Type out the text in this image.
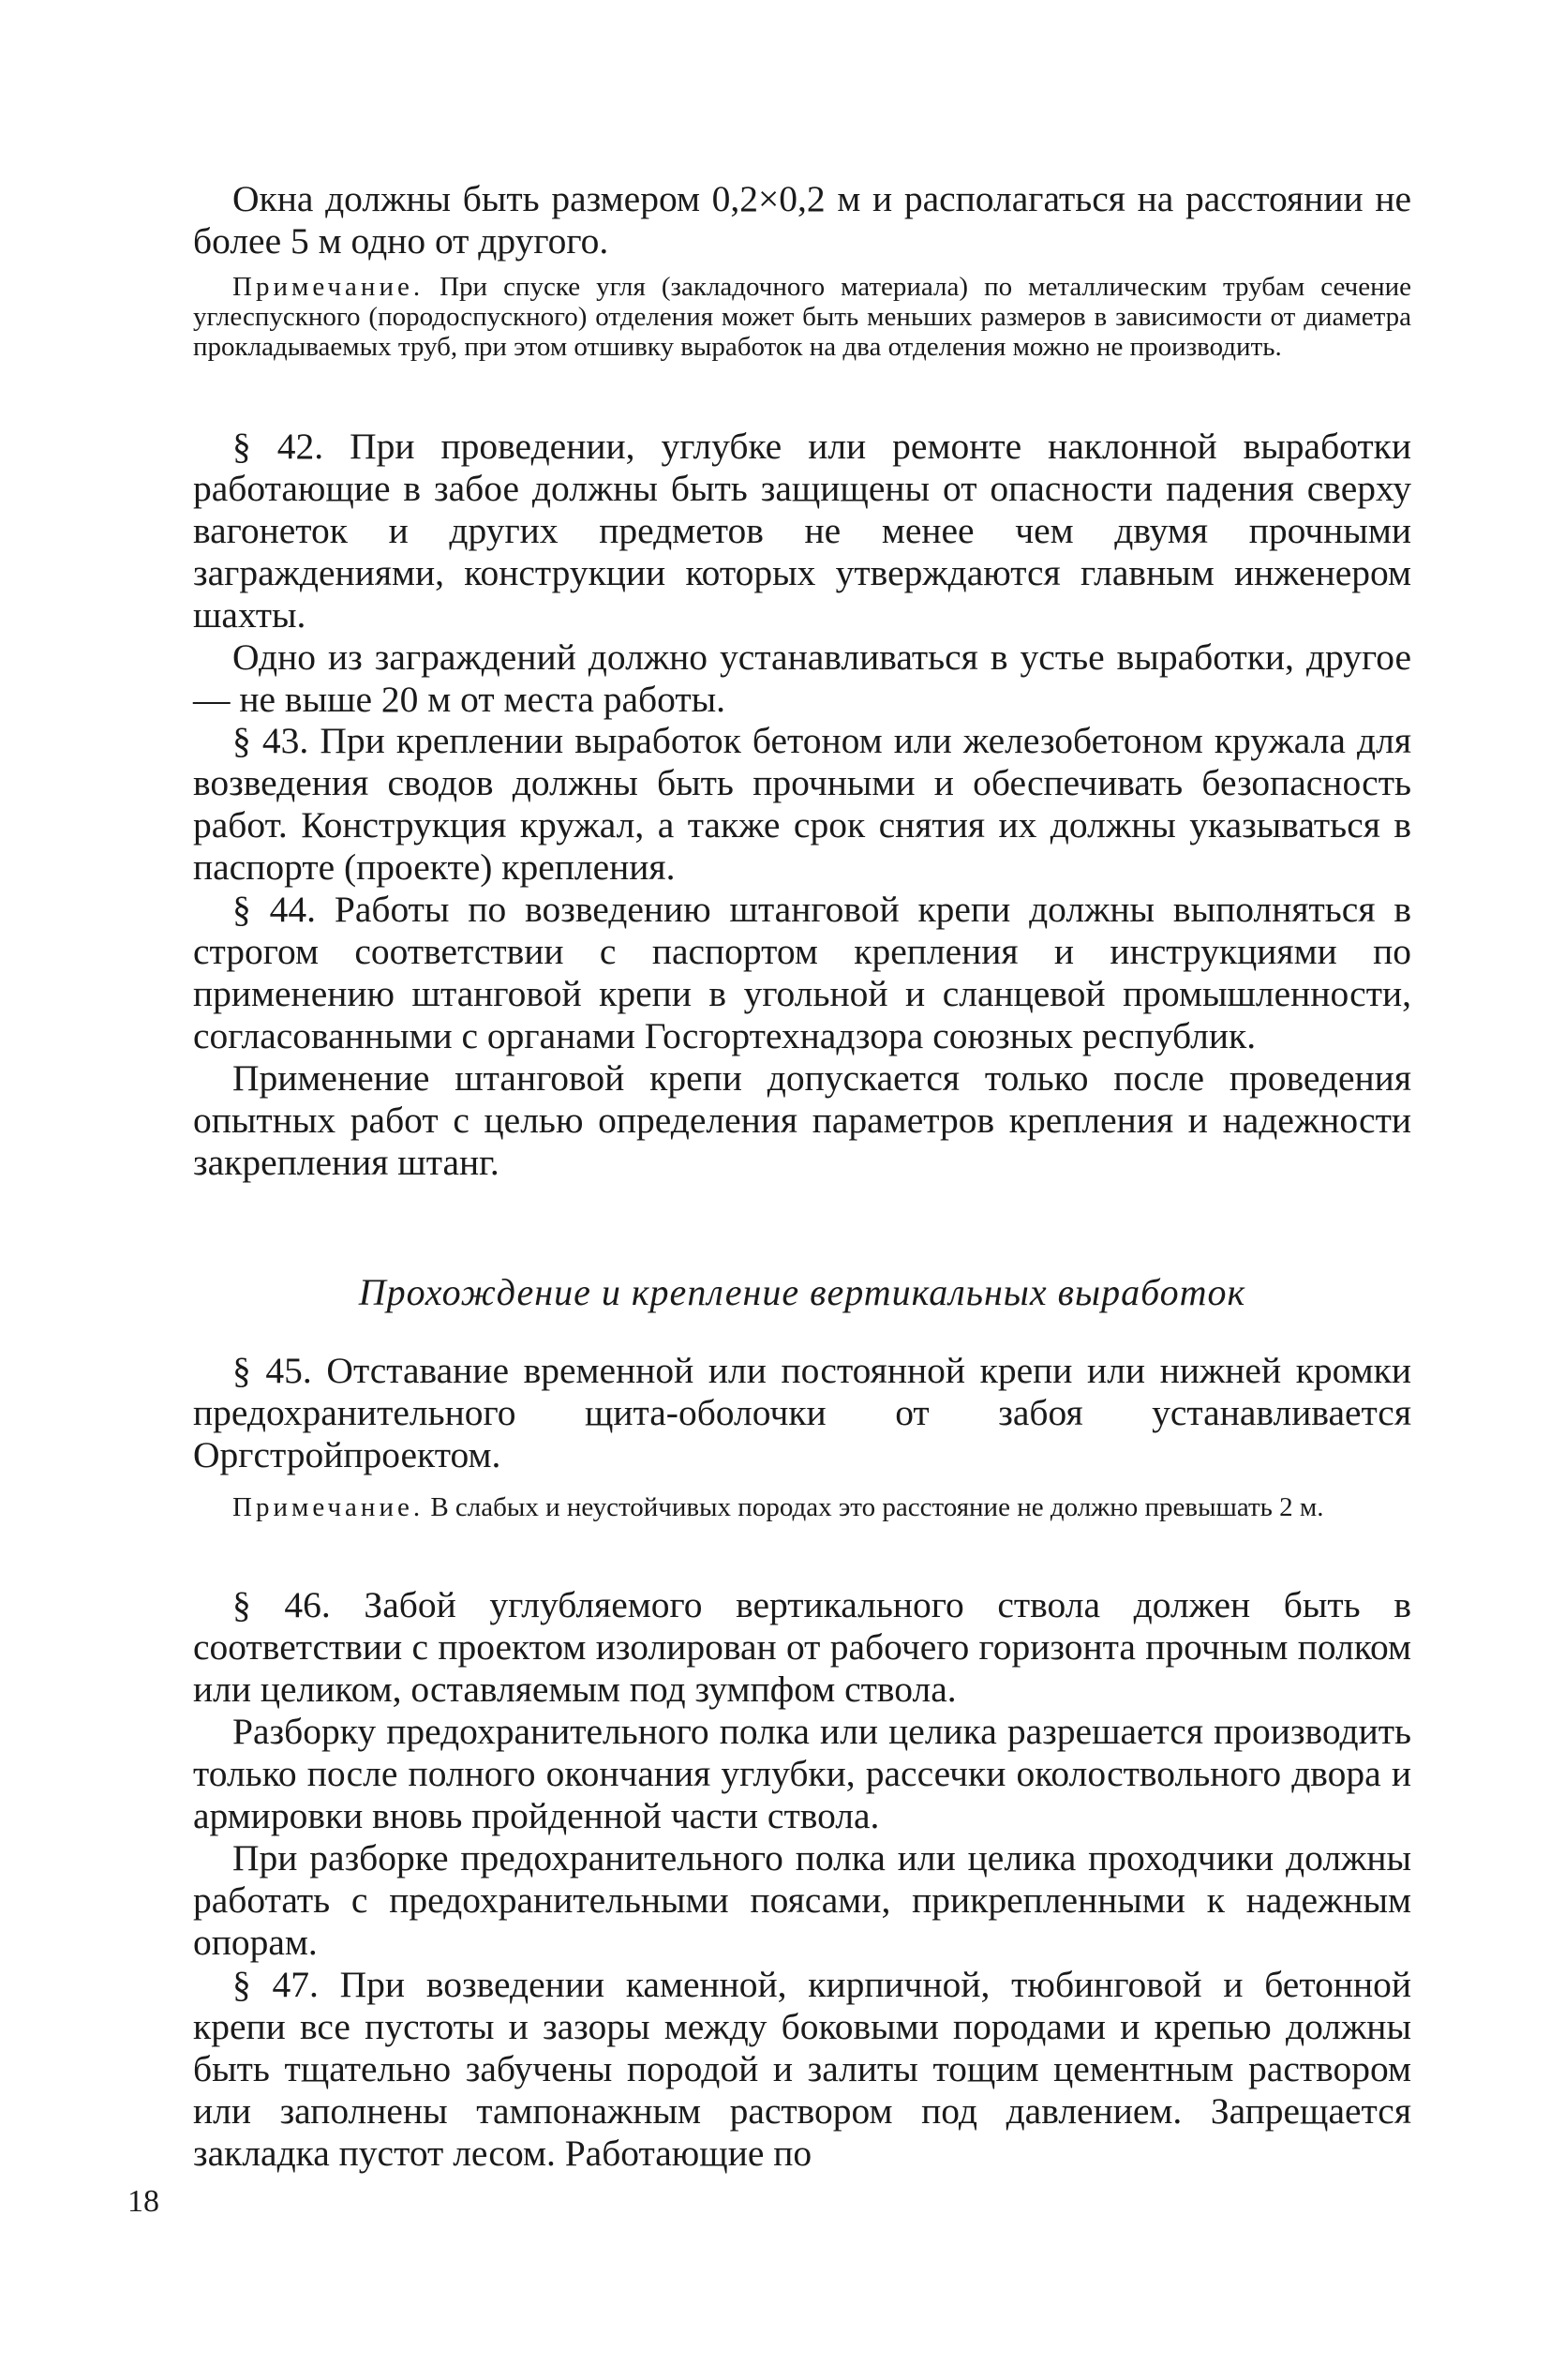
Окна должны быть размером 0,2×0,2 м и располагаться на расстоянии не более 5 м одно от другого.

Примечание. При спуске угля (закладочного материала) по металлическим трубам сечение углеспускного (породоспускного) отделения может быть меньших размеров в зависимости от диаметра прокладываемых труб, при этом отшивку выработок на два отделения можно не производить.

§ 42. При проведении, углубке или ремонте наклонной выработки работающие в забое должны быть защищены от опасности падения сверху вагонеток и других предметов не менее чем двумя прочными заграждениями, конструкции которых утверждаются главным инженером шахты.

Одно из заграждений должно устанавливаться в устье выработки, другое — не выше 20 м от места работы.

§ 43. При креплении выработок бетоном или железобетоном кружала для возведения сводов должны быть прочными и обеспечивать безопасность работ. Конструкция кружал, а также срок снятия их должны указываться в паспорте (проекте) крепления.

§ 44. Работы по возведению штанговой крепи должны выполняться в строгом соответствии с паспортом крепления и инструкциями по применению штанговой крепи в угольной и сланцевой промышленности, согласованными с органами Госгортехнадзора союзных республик.

Применение штанговой крепи допускается только после проведения опытных работ с целью определения параметров крепления и надежности закрепления штанг.

Прохождение и крепление вертикальных выработок

§ 45. Отставание временной или постоянной крепи или нижней кромки предохранительного щита-оболочки от забоя устанавливается Оргстройпроектом.

Примечание. В слабых и неустойчивых породах это расстояние не должно превышать 2 м.

§ 46. Забой углубляемого вертикального ствола должен быть в соответствии с проектом изолирован от рабочего горизонта прочным полком или целиком, оставляемым под зумпфом ствола.

Разборку предохранительного полка или целика разрешается производить только после полного окончания углубки, рассечки околоствольного двора и армировки вновь пройденной части ствола.

При разборке предохранительного полка или целика проходчики должны работать с предохранительными поясами, прикрепленными к надежным опорам.

§ 47. При возведении каменной, кирпичной, тюбинговой и бетонной крепи все пустоты и зазоры между боковыми породами и крепью должны быть тщательно забучены породой и залиты тощим цементным раствором или заполнены тампонажным раствором под давлением. Запрещается закладка пустот лесом. Работающие по

18
